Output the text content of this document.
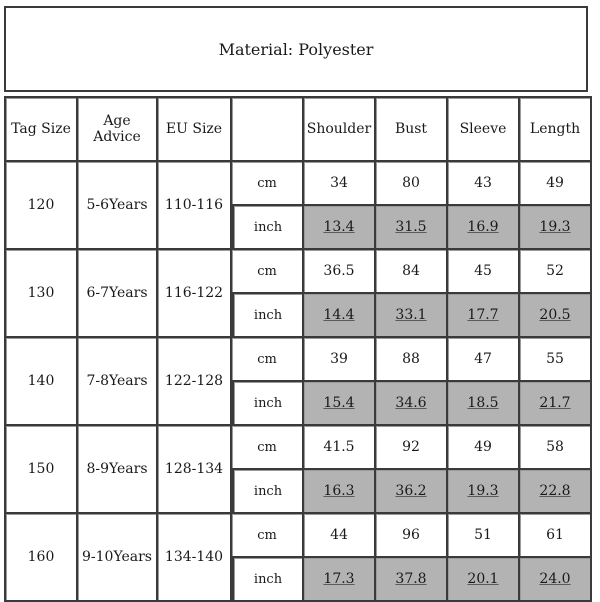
Material: Polyester
Tag Size	Age Advice	EU Size		Shoulder	Bust	Sleeve	Length
120	5-6Years	110-116	cm	34	80	43	49
			inch	13.4	31.5	16.9	19.3
130	6-7Years	116-122	cm	36.5	84	45	52
			inch	14.4	33.1	17.7	20.5
140	7-8Years	122-128	cm	39	88	47	55
			inch	15.4	34.6	18.5	21.7
150	8-9Years	128-134	cm	41.5	92	49	58
			inch	16.3	36.2	19.3	22.8
160	9-10Years	134-140	cm	44	96	51	61
			inch	17.3	37.8	20.1	24.0
